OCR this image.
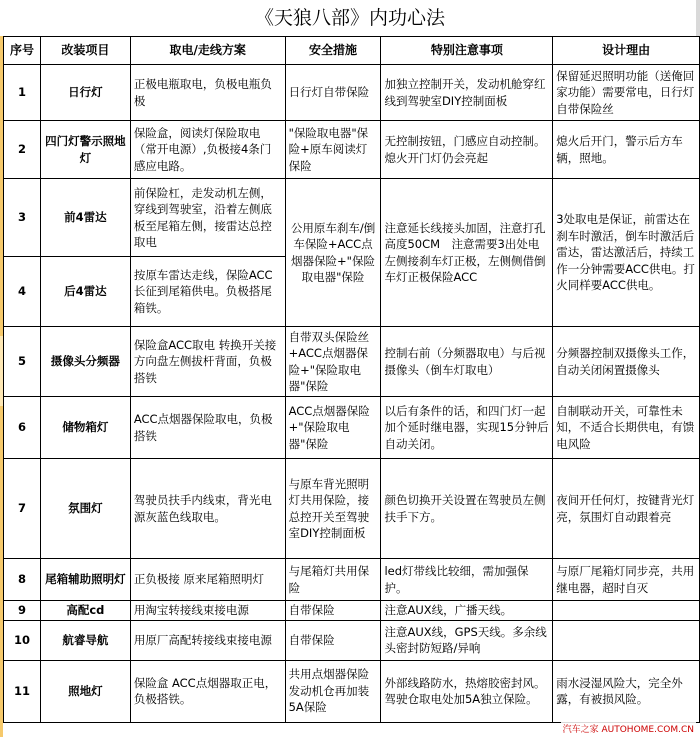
《天狼八部》内功心法
序号	改装项目	取电/走线方案	安全措施	特别注意事项	设计理由
1	日行灯	正极电瓶取电，负极电瓶负极	日行灯自带保险	加独立控制开关，发动机舱穿红线到驾驶室DIY控制面板	保留延迟照明功能（送俺回家功能）需要常电，日行灯自带保险丝
2	四门灯警示照地灯	保险盒，阅读灯保险取电（常开电源）,负极接4条门感应电路。	"保险取电器"保险+原车阅读灯保险	无控制按钮，门感应自动控制。熄火开门灯仍会亮起	熄火后开门，警示后方车辆，照地。
3	前4雷达	前保险杠，走发动机左侧，穿线到驾驶室，沿着左侧底板至尾箱左侧，接雷达总控取电	公用原车刹车/倒车保险+ACC点烟器保险+"保险取电器"保险	注意延长线接头加固，注意打孔高度50CM　注意需要3出处电 左侧接刹车灯正极，左侧侧借倒车灯正极保险ACC	3处取电是保证，前雷达在刹车时激活，倒车时激活后雷达，雷达激活后，持续工作一分钟需要ACC供电。打火同样要ACC供电。
4	后4雷达	按原车雷达走线，保险ACC长征到尾箱供电。负极搭尾箱铁。			
5	摄像头分频器	保险盒ACC取电 转换开关接方向盘左侧拔杆背面，负极搭铁	自带双头保险丝+ACC点烟器保险+"保险取电器"保险	控制右前（分频器取电）与后视摄像头（倒车灯取电）	分频器控制双摄像头工作，自动关闭闲置摄像头
6	储物箱灯	ACC点烟器保险取电，负极搭铁	ACC点烟器保险+"保险取电器"保险	以后有条件的话，和四门灯一起加个延时继电器，实现15分钟后自动关闭。	自制联动开关，可靠性未知，不适合长期供电，有馈电风险
7	氛围灯	驾驶员扶手内线束，背光电源灰蓝色线取电。	与原车背光照明灯共用保险，接总控开关至驾驶室DIY控制面板	颜色切换开关设置在驾驶员左侧扶手下方。	夜间开任何灯，按键背光灯亮，氛围灯自动跟着亮
8	尾箱辅助照明灯	正负极接 原来尾箱照明灯	与尾箱灯共用保险	led灯带线比较细，需加强保护。	与原厂尾箱灯同步亮，共用继电器，超时自灭
9	高配cd	用淘宝转接线束接电源	自带保险	注意AUX线，广播天线。	
10	航睿导航	用原厂高配转接线束接电源	自带保险	注意AUX线，GPS天线。多余线头密封防短路/异响	
11	照地灯	保险盒 ACC点烟器取正电，负极搭铁。	共用点烟器保险 发动机仓再加装5A保险	外部线路防水，热熔胶密封风。驾驶仓取电处加5A独立保险。	雨水浸湿风险大，完全外露，有被损风险。
汽车之家 AUTOHOME.COM.CN
